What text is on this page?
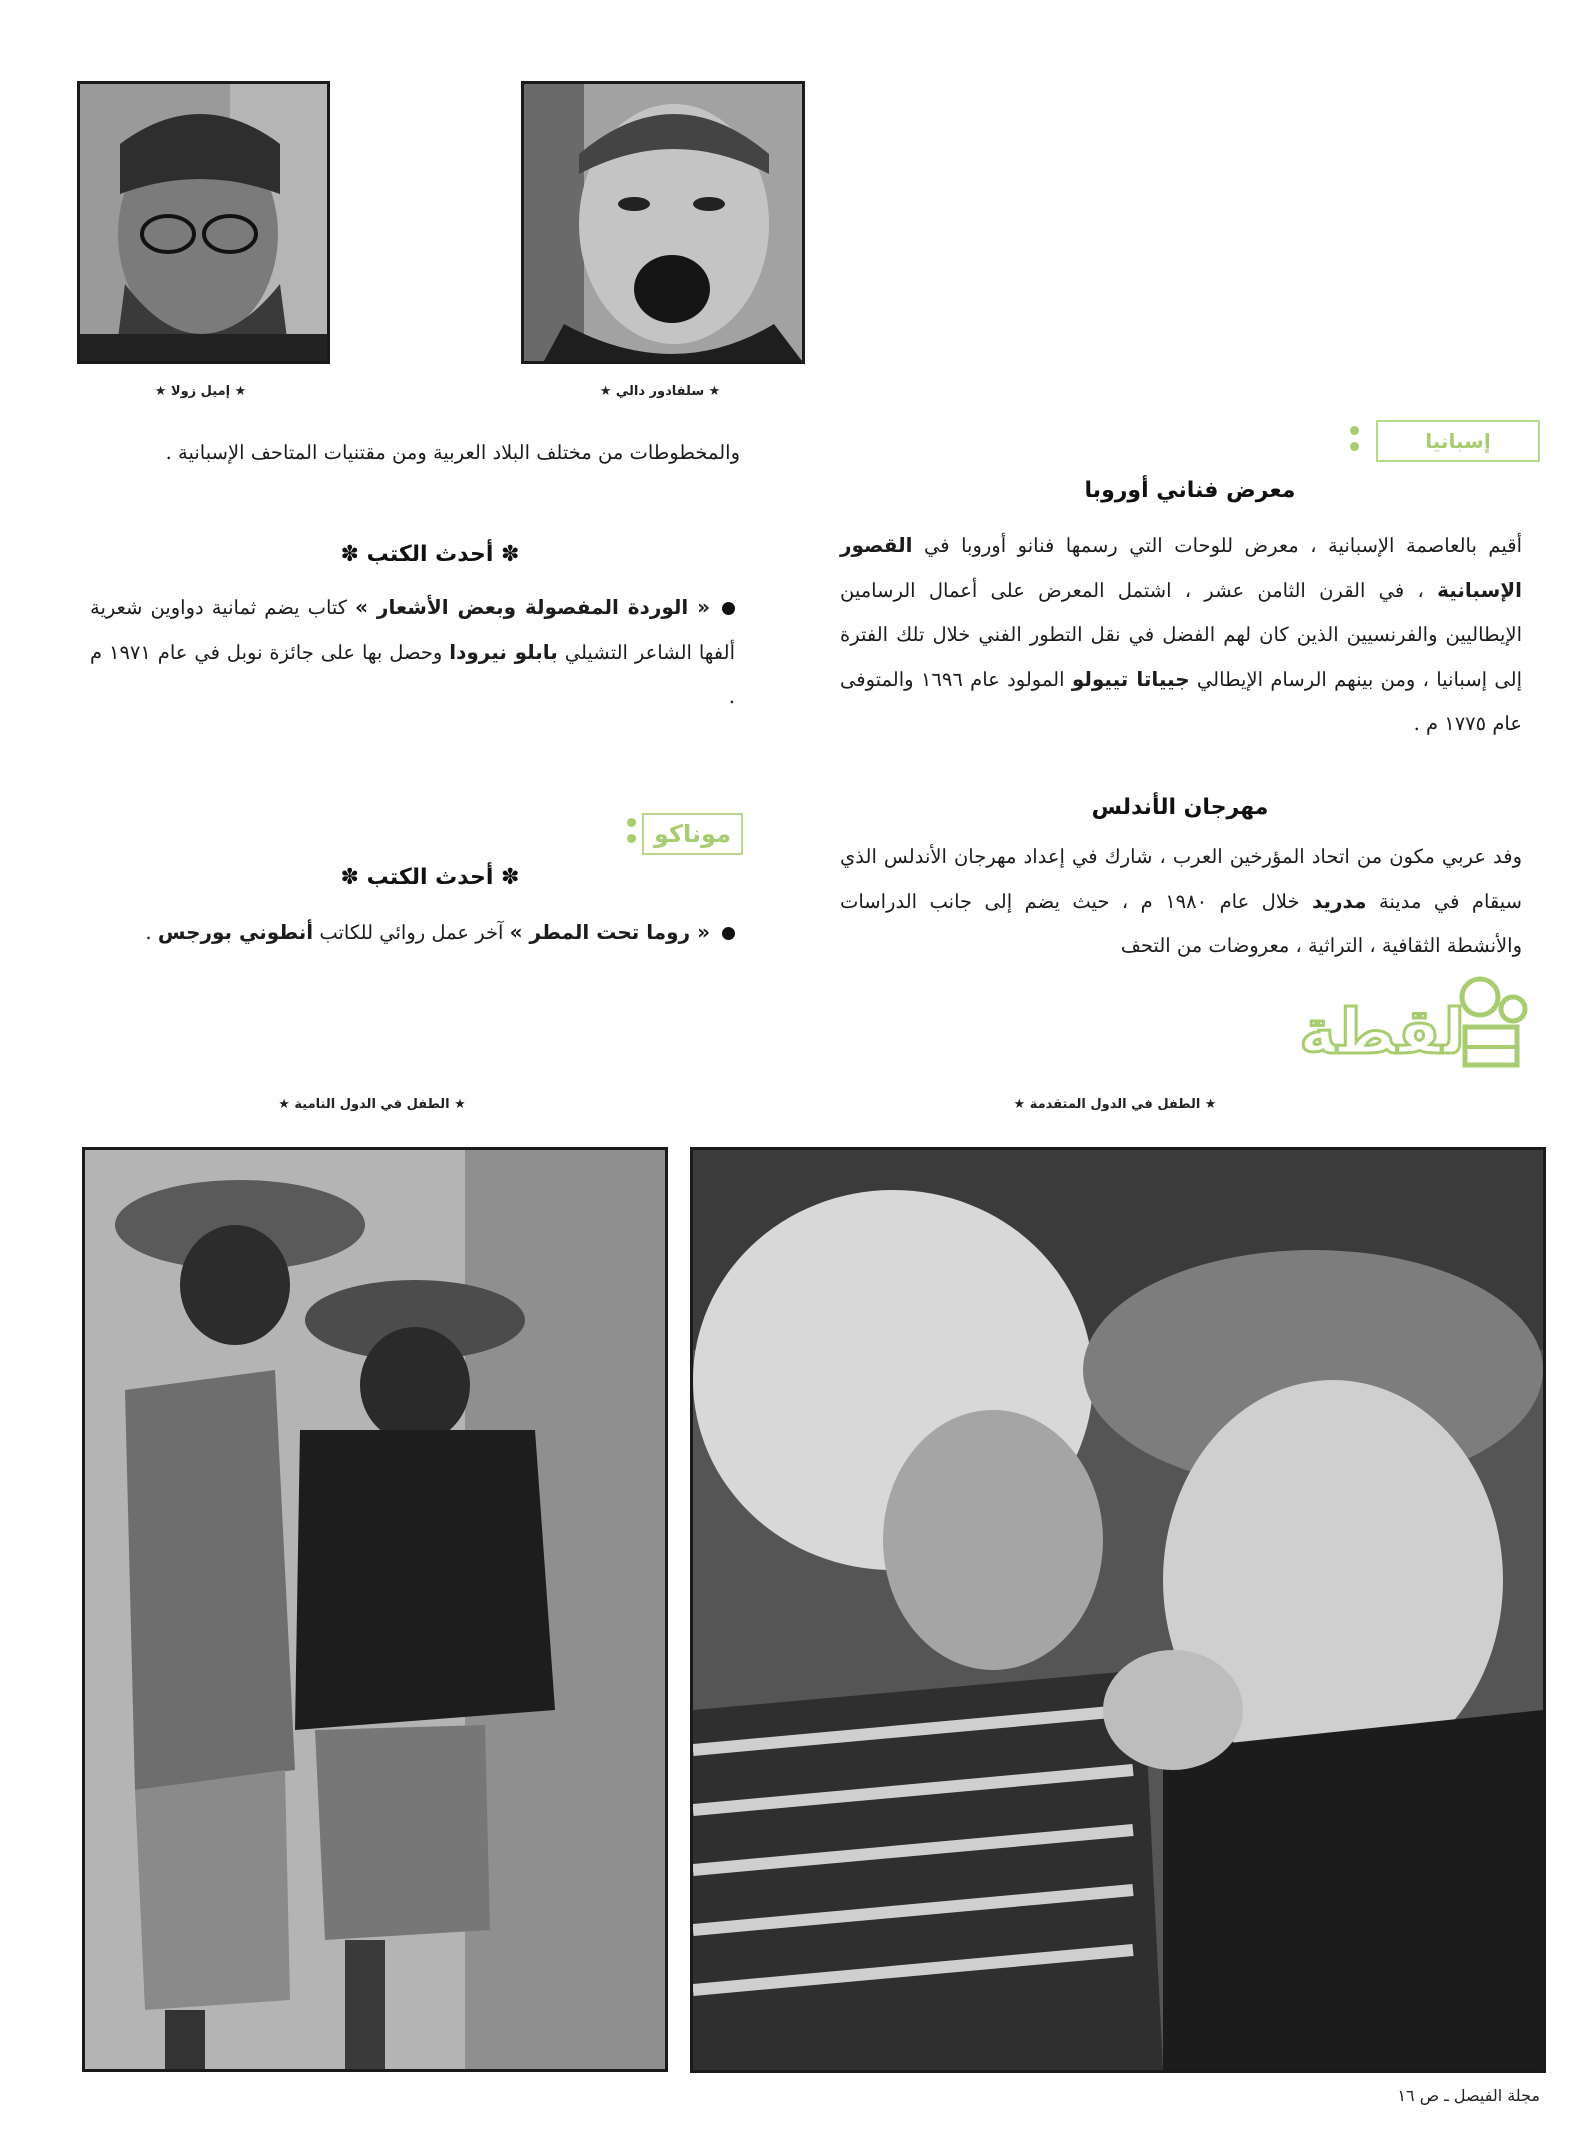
★ إميل زولا ★	★ سلفادور دالي ★
والمخطوطات من مختلف البلاد العربية ومن مقتنيات المتاحف الإسبانية .
✽ أحدث الكتب ✽
« الوردة المفصولة وبعض الأشعار » كتاب يضم ثمانية دواوين شعرية ألفها الشاعر التشيلي بابلو نيرودا وحصل بها على جائزة نوبل في عام ١٩٧١ م .
موناكو
✽ أحدث الكتب ✽
« روما تحت المطر » آخر عمل روائي للكاتب أنطوني بورجس .
إسبانيا
معرض فناني أوروبا
أقيم بالعاصمة الإسبانية ، معرض للوحات التي رسمها فنانو أوروبا في القصور الإسبانية ، في القرن الثامن عشر ، اشتمل المعرض على أعمال الرسامين الإيطاليين والفرنسيين الذين كان لهم الفضل في نقل التطور الفني خلال تلك الفترة إلى إسبانيا ، ومن بينهم الرسام الإيطالي جيياتا تييولو المولود عام ١٦٩٦ والمتوفى عام ١٧٧٥ م .
مهرجان الأندلس
وفد عربي مكون من اتحاد المؤرخين العرب ، شارك في إعداد مهرجان الأندلس الذي سيقام في مدينة مدريد خلال عام ١٩٨٠ م ، حيث يضم إلى جانب الدراسات والأنشطة الثقافية ، التراثية ، معروضات من التحف
لقطة
★ الطفل في الدول النامية ★	★ الطفل في الدول المتقدمة ★
مجلة الفيصل ـ ص ١٦
